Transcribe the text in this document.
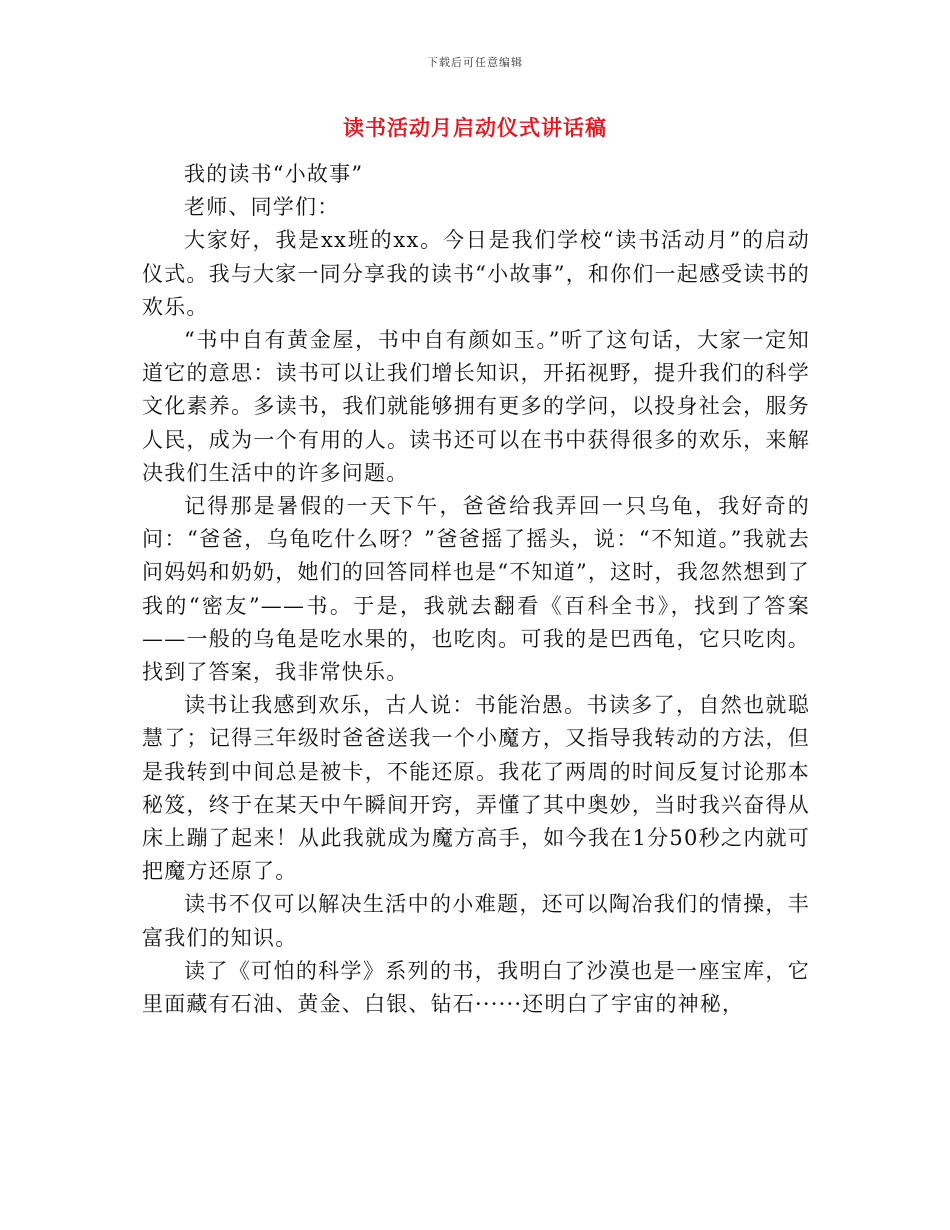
下载后可任意编辑
读书活动月启动仪式讲话稿

我的读书“小故事”

老师、同学们：

大家好，我是xx班的xx。今日是我们学校“读书活动月”的启动仪式。我与大家一同分享我的读书“小故事”，和你们一起感受读书的欢乐。

“书中自有黄金屋，书中自有颜如玉。”听了这句话，大家一定知道它的意思：读书可以让我们增长知识，开拓视野，提升我们的科学文化素养。多读书，我们就能够拥有更多的学问，以投身社会，服务人民，成为一个有用的人。读书还可以在书中获得很多的欢乐，来解决我们生活中的许多问题。

记得那是暑假的一天下午，爸爸给我弄回一只乌龟，我好奇的问：“爸爸，乌龟吃什么呀？”爸爸摇了摇头，说：“不知道。”我就去问妈妈和奶奶，她们的回答同样也是“不知道”，这时，我忽然想到了我的“密友”——书。于是，我就去翻看《百科全书》，找到了答案——一般的乌龟是吃水果的，也吃肉。可我的是巴西龟，它只吃肉。找到了答案，我非常快乐。

读书让我感到欢乐，古人说：书能治愚。书读多了，自然也就聪慧了；记得三年级时爸爸送我一个小魔方，又指导我转动的方法，但是我转到中间总是被卡，不能还原。我花了两周的时间反复讨论那本秘笈，终于在某天中午瞬间开窍，弄懂了其中奥妙，当时我兴奋得从床上蹦了起来！从此我就成为魔方高手，如今我在1分50秒之内就可把魔方还原了。

读书不仅可以解决生活中的小难题，还可以陶冶我们的情操，丰富我们的知识。

读了《可怕的科学》系列的书，我明白了沙漠也是一座宝库，它里面藏有石油、黄金、白银、钻石······还明白了宇宙的神秘，
